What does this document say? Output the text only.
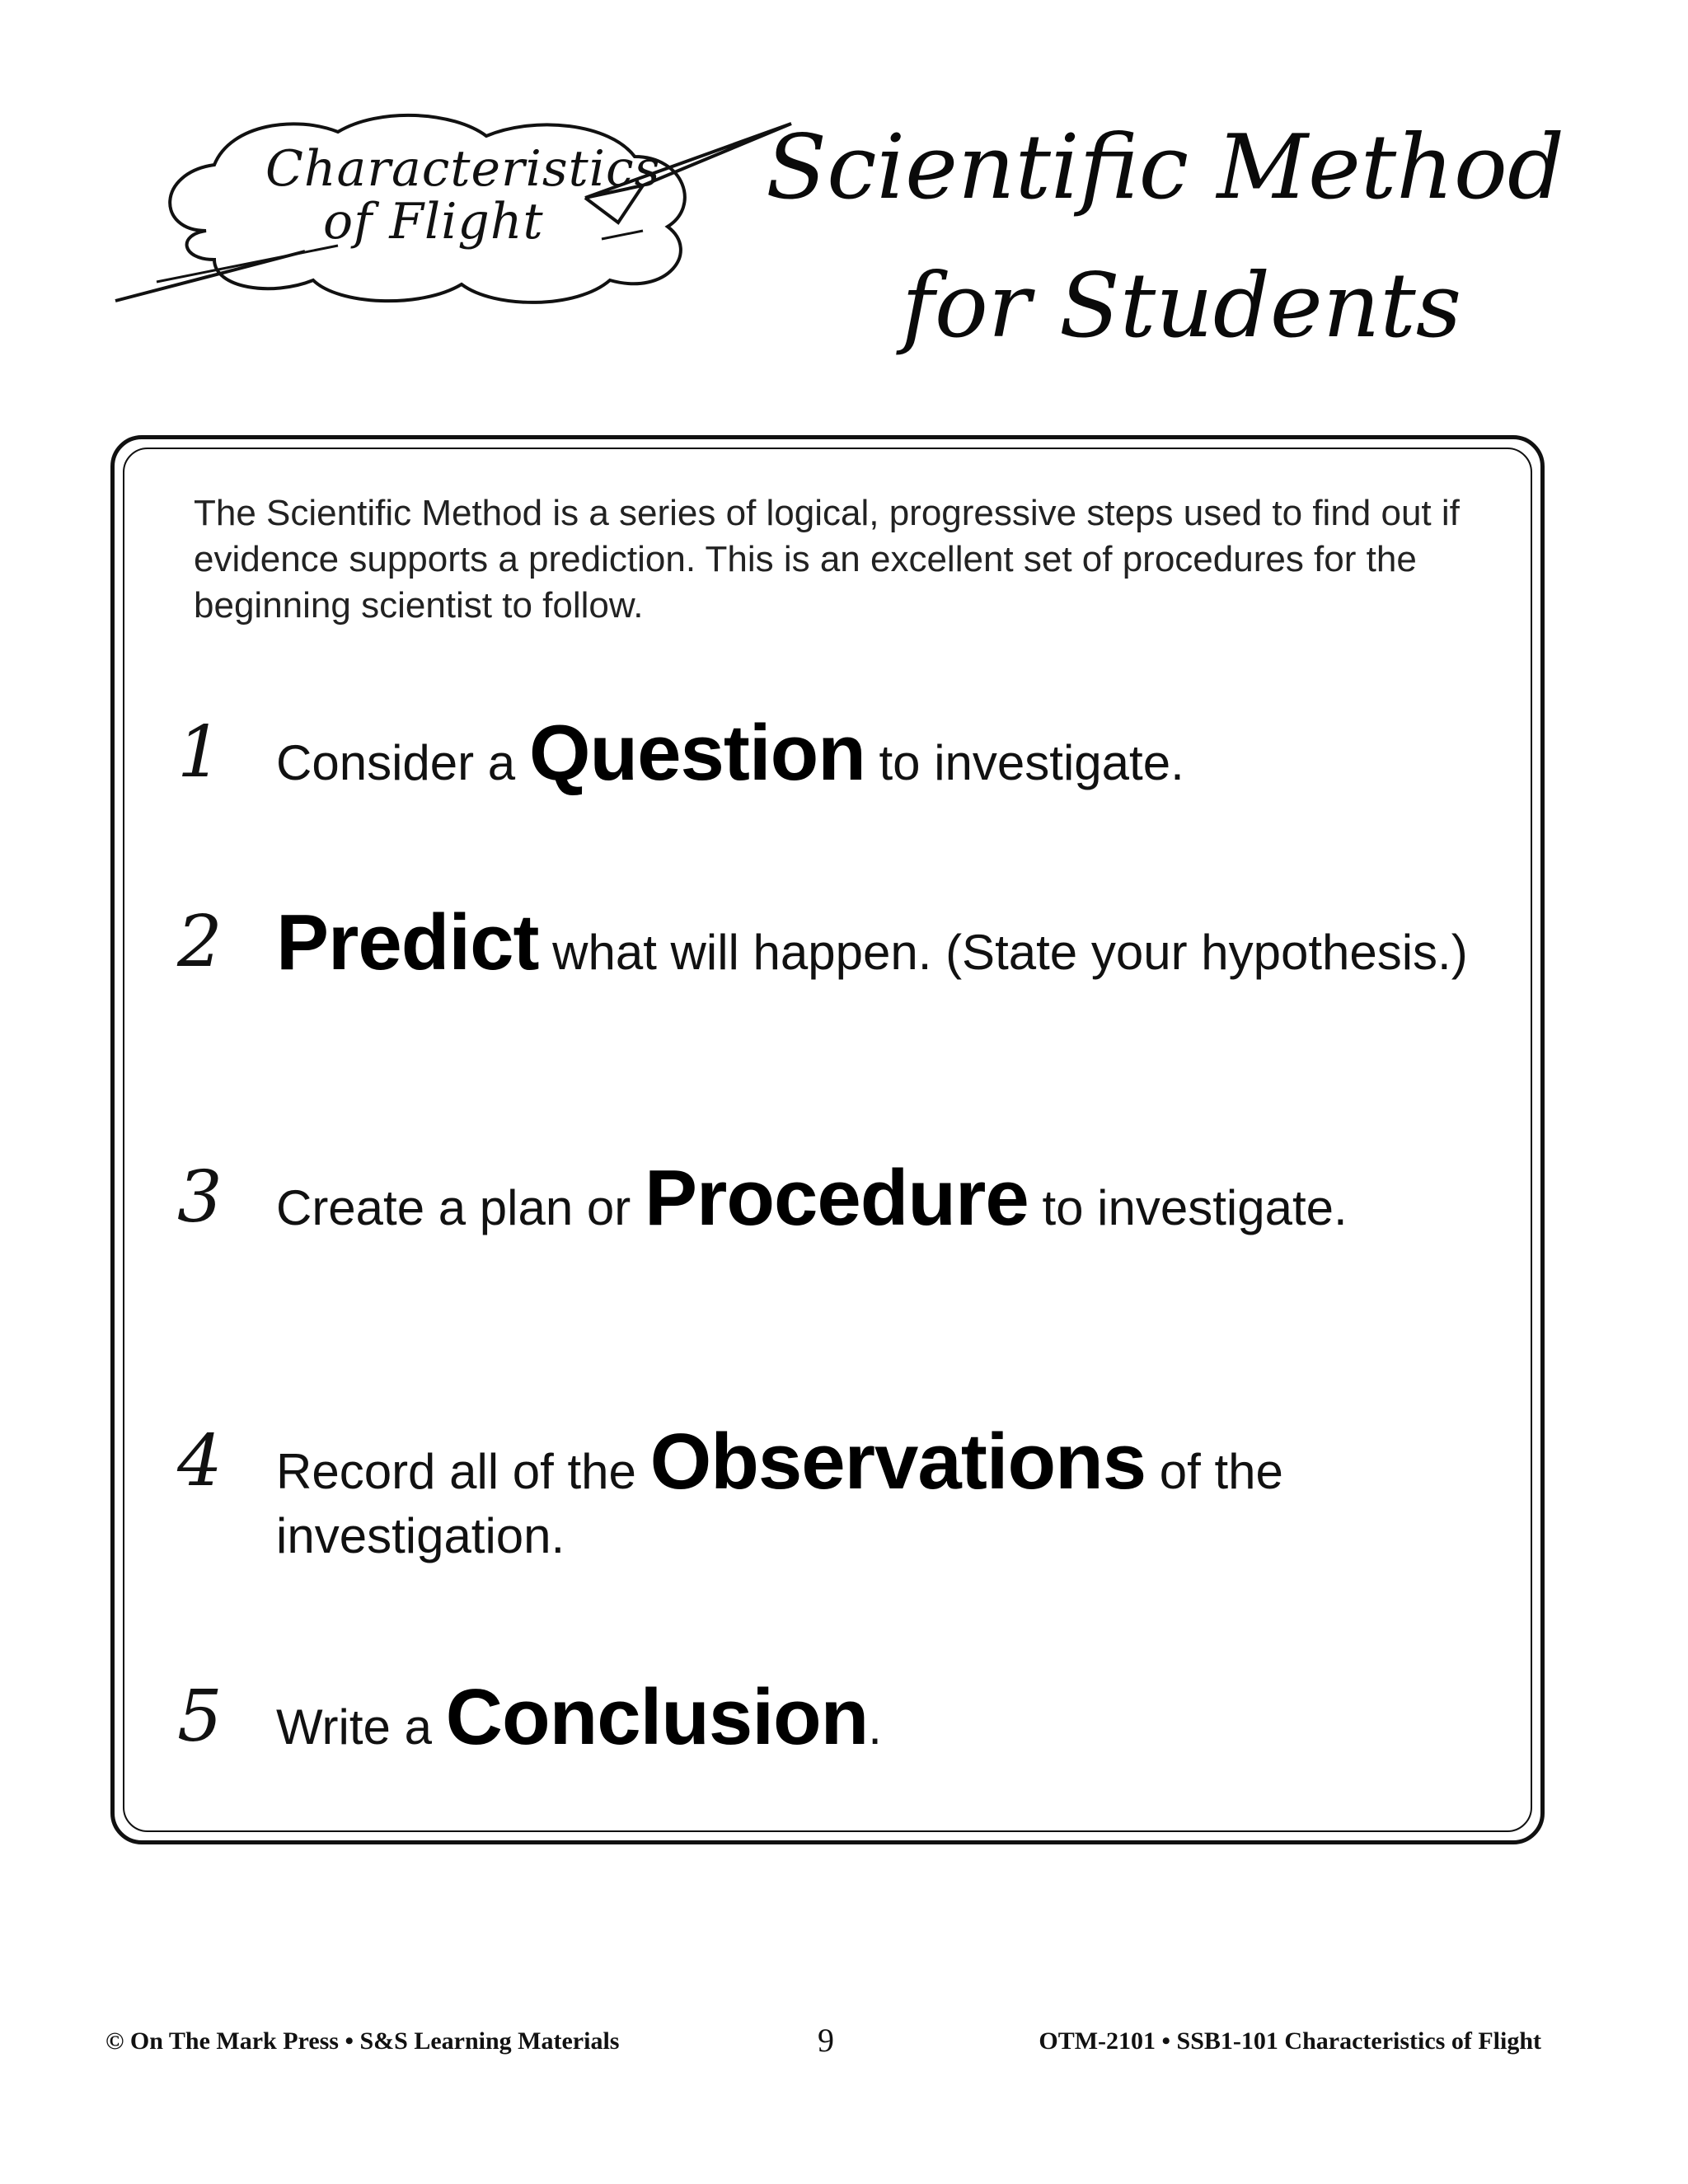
Characteristics
of Flight
Scientific Method
for Students
The Scientific Method is a series of logical, progressive steps used to find out if evidence supports a prediction. This is an excellent set of procedures for the beginning scientist to follow.
1 Consider a Question to investigate.
2 Predict what will happen. (State your hypothesis.)
3 Create a plan or Procedure to investigate.
4 Record all of the Observations of the investigation.
5 Write a Conclusion.
© On The Mark Press • S&S Learning Materials	9	OTM-2101 • SSB1-101 Characteristics of Flight
